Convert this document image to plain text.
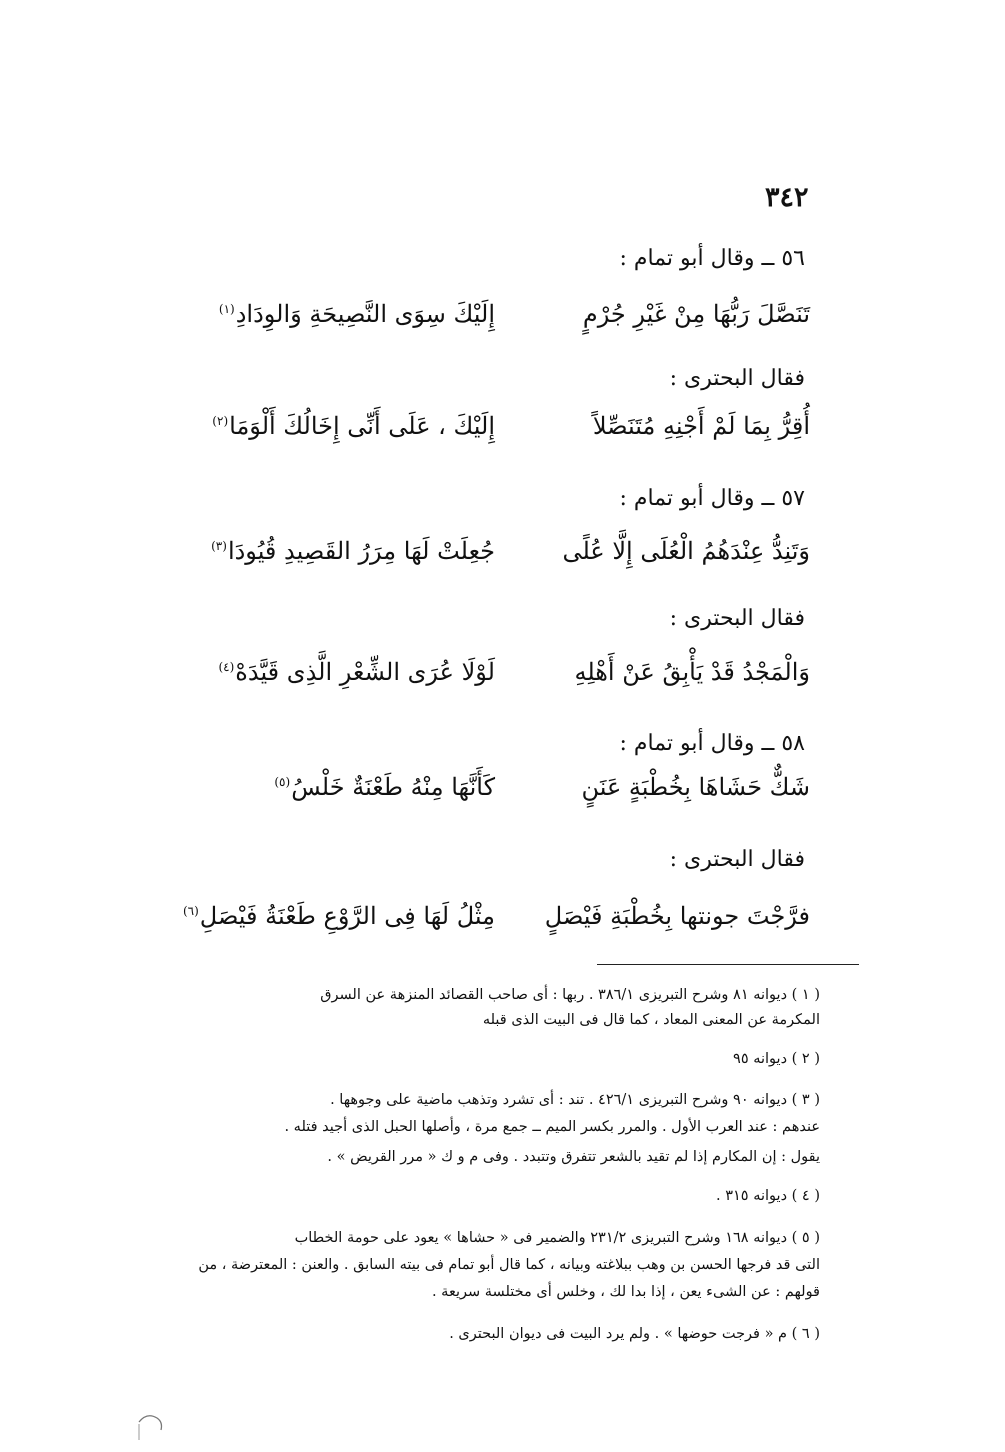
٣٤٢
٥٦ ــ وقال أبو تمام :
تَنَصَّلَ رَبُّهَا مِنْ غَيْرِ جُرْمٍ
إِلَيْكَ سِوَى النَّصِيحَةِ وَالوِدَادِ$^{(١)}$
فقال البحترى :
أُقِرُّ بِمَا لَمْ أَجْنِهِ مُتَنَصِّلاً
إِلَيْكَ ، عَلَى أَنِّى إِخَالُكَ أَلْوَمَا$^{(٢)}$
٥٧ ــ وقال أبو تمام :
وَتَنِدُّ عِنْدَهُمُ الْعُلَى إِلَّا عُلًى
جُعِلَتْ لَهَا مِرَرُ القَصِيدِ قُيُودَا$^{(٣)}$
فقال البحترى :
وَالْمَجْدُ قَدْ يَأْبِقُ عَنْ أَهْلِهِ
لَوْلَا عُرَى الشِّعْرِ الَّذِى قَيَّدَهْ$^{(٤)}$
٥٨ ــ وقال أبو تمام :
شَكٌّ حَشَاهَا بِخُطْبَةٍ عَنَنٍ
كَأَنَّهَا مِنْهُ طَعْنَةٌ خَلْسُ$^{(٥)}$
فقال البحترى :
فرَّجْتَ جونتها بِخُطْبَةِ فَيْصَلٍ
مِثْلُ لَهَا فِى الرَّوْعِ طَعْنَةُ فَيْصَلِ$^{(٦)}$
( ١ ) ديوانه ٨١ وشرح التبريزى ٣٨٦/١ . ربها : أى صاحب القصائد المنزهة عن السرق
المكرمة عن المعنى المعاد ، كما قال فى البيت الذى قبله
( ٢ ) ديوانه ٩٥
( ٣ ) ديوانه ٩٠ وشرح التبريزى ٤٢٦/١ . تند : أى تشرد وتذهب ماضية على وجوهها .
عندهم : عند العرب الأول . والمرر بكسر الميم ــ جمع مرة ، وأصلها الحبل الذى أجيد فتله .
يقول : إن المكارم إذا لم تقيد بالشعر تتفرق وتتبدد . وفى م و ك « مرر القريض » .
( ٤ ) ديوانه ٣١٥ .
( ٥ ) ديوانه ١٦٨ وشرح التبريزى ٢٣١/٢ والضمير فى « حشاها » يعود على حومة الخطاب
التى قد فرجها الحسن بن وهب ببلاغته وبيانه ، كما قال أبو تمام فى بيته السابق . والعنن : المعترضة ، من
قولهم : عن الشىء يعن ، إذا بدا لك ، وخلس أى مختلسة سريعة .
( ٦ ) م « فرجت حوضها » . ولم يرد البيت فى ديوان البحترى .
